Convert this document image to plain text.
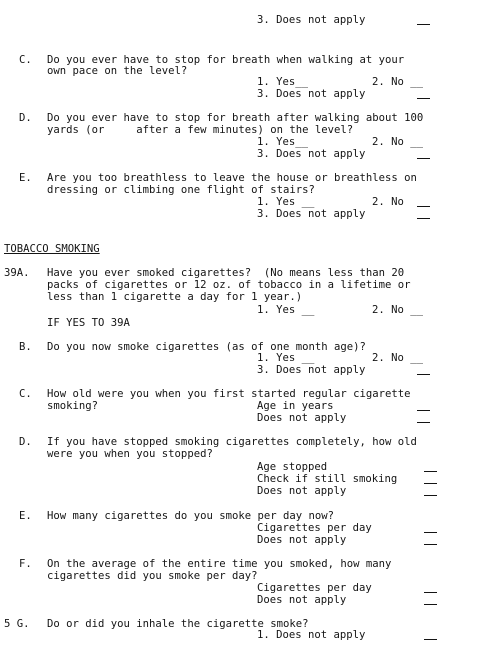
3. Does not apply
C. Do you ever have to stop for breath when walking at your
own pace on the level?
1. Yes__	2. No __
3. Does not apply
D. Do you ever have to stop for breath after walking about 100
yards (or     after a few minutes) on the level?
1. Yes__	2. No __
3. Does not apply
E. Are you too breathless to leave the house or breathless on
dressing or climbing one flight of stairs?
1. Yes __	2. No
3. Does not apply
TOBACCO SMOKING
39A. Have you ever smoked cigarettes?  (No means less than 20
packs of cigarettes or 12 oz. of tobacco in a lifetime or
less than 1 cigarette a day for 1 year.)
1. Yes __	2. No __
IF YES TO 39A
B. Do you now smoke cigarettes (as of one month age)?
1. Yes __	2. No __
3. Does not apply
C. How old were you when you first started regular cigarette
smoking?	Age in years
Does not apply
D. If you have stopped smoking cigarettes completely, how old
were you when you stopped?
Age stopped
Check if still smoking
Does not apply
E. How many cigarettes do you smoke per day now?
Cigarettes per day
Does not apply
F. On the average of the entire time you smoked, how many
cigarettes did you smoke per day?
Cigarettes per day
Does not apply
5 G. Do or did you inhale the cigarette smoke?
1. Does not apply
